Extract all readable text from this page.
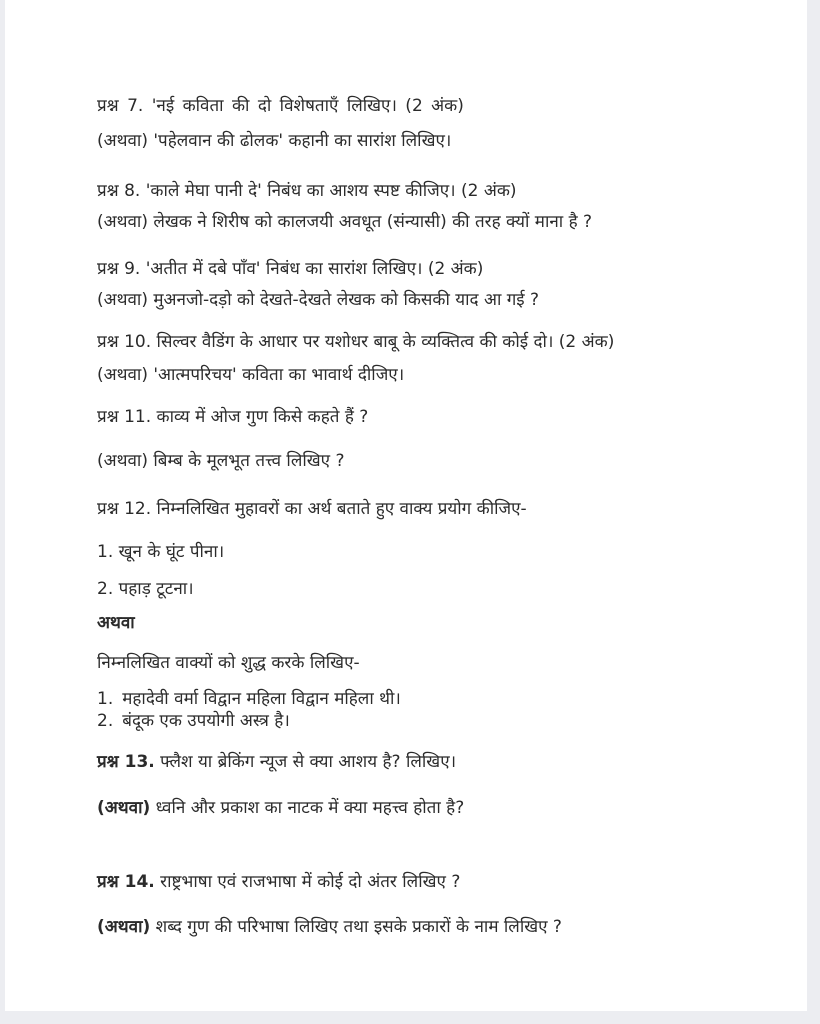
प्रश्न 7. 'नई कविता की दो विशेषताएँ लिखिए। (2 अंक)

(अथवा) 'पहेलवान की ढोलक' कहानी का सारांश लिखिए।

प्रश्न 8. 'काले मेघा पानी दे' निबंध का आशय स्पष्ट कीजिए। (2 अंक)

(अथवा) लेखक ने शिरीष को कालजयी अवधूत (संन्यासी) की तरह क्यों माना है ?

प्रश्न 9. 'अतीत में दबे पाँव' निबंध का सारांश लिखिए। (2 अंक)

(अथवा) मुअनजो-दड़ो को देखते-देखते लेखक को किसकी याद आ गई ?

प्रश्न 10. सिल्वर वैडिंग के आधार पर यशोधर बाबू के व्यक्तित्व की कोई दो। (2 अंक)

(अथवा) 'आत्मपरिचय' कविता का भावार्थ दीजिए।

प्रश्न 11. काव्य में ओज गुण किसे कहते हैं ?

(अथवा) बिम्ब के मूलभूत तत्त्व लिखिए ?

प्रश्न 12. निम्नलिखित मुहावरों का अर्थ बताते हुए वाक्य प्रयोग कीजिए-

1. खून के घूंट पीना।

2. पहाड़ टूटना।

अथवा

निम्नलिखित वाक्यों को शुद्ध करके लिखिए-

1. महादेवी वर्मा विद्वान महिला विद्वान महिला थी।

2. बंदूक एक उपयोगी अस्त्र है।

प्रश्न 13. फ्लैश या ब्रेकिंग न्यूज से क्या आशय है? लिखिए।

(अथवा) ध्वनि और प्रकाश का नाटक में क्या महत्त्व होता है?

प्रश्न 14. राष्ट्रभाषा एवं राजभाषा में कोई दो अंतर लिखिए ?

(अथवा) शब्द गुण की परिभाषा लिखिए तथा इसके प्रकारों के नाम लिखिए ?
